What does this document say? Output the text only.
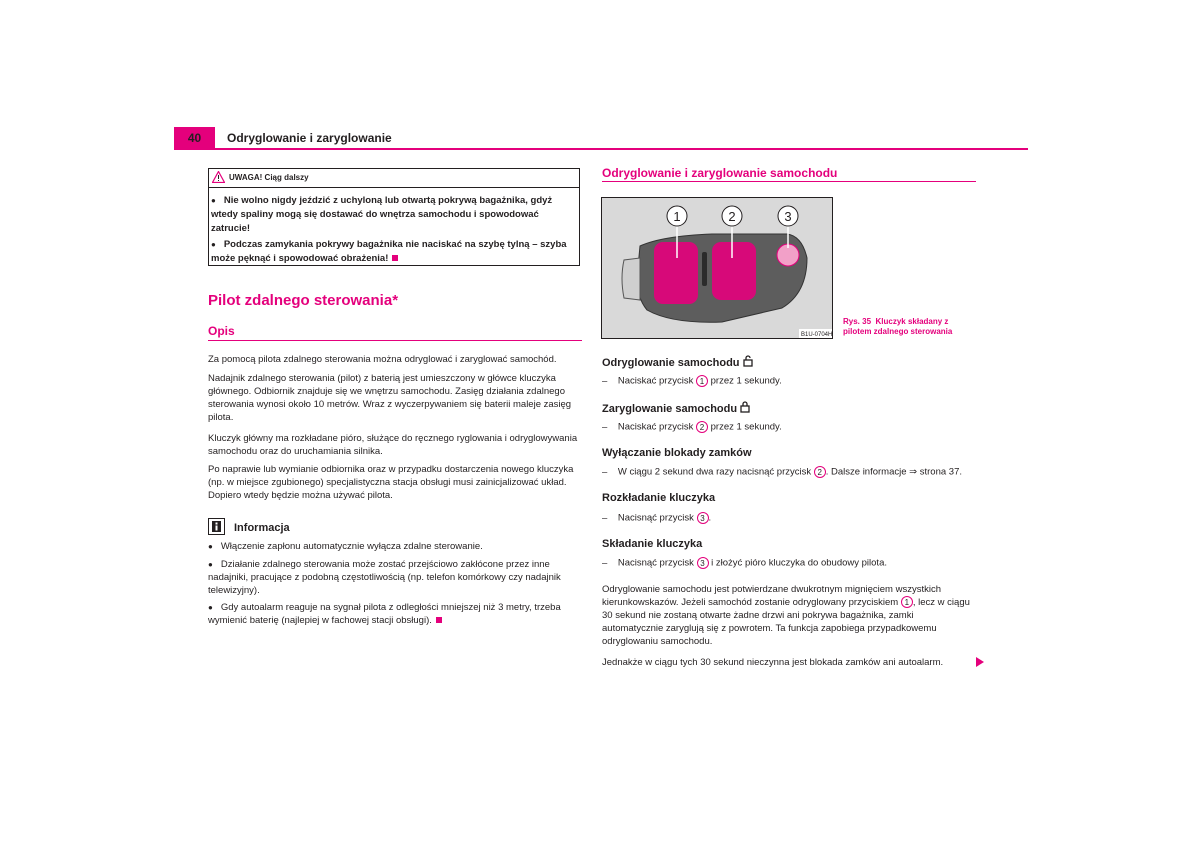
40	Odryglowanie i zaryglowanie
UWAGA! Ciąg dalszy
● Nie wolno nigdy jeździć z uchyloną lub otwartą pokrywą bagażnika, gdyż wtedy spaliny mogą się dostawać do wnętrza samochodu i spowodować zatrucie!
● Podczas zamykania pokrywy bagażnika nie naciskać na szybę tylną – szyba może pęknąć i spowodować obrażenia!
Pilot zdalnego sterowania*
Opis
Za pomocą pilota zdalnego sterowania można odryglować i zaryglować samochód.
Nadajnik zdalnego sterowania (pilot) z baterią jest umieszczony w główce kluczyka głównego. Odbiornik znajduje się we wnętrzu samochodu. Zasięg działania zdalnego sterowania wynosi około 10 metrów. Wraz z wyczerpywaniem się baterii maleje zasięg pilota.
Kluczyk główny ma rozkładane pióro, służące do ręcznego ryglowania i odryglowywania samochodu oraz do uruchamiania silnika.
Po naprawie lub wymianie odbiornika oraz w przypadku dostarczenia nowego kluczyka (np. w miejsce zgubionego) specjalistyczna stacja obsługi musi zainicjalizować układ. Dopiero wtedy będzie można używać pilota.
Informacja
● Włączenie zapłonu automatycznie wyłącza zdalne sterowanie.
● Działanie zdalnego sterowania może zostać przejściowo zakłócone przez inne nadajniki, pracujące z podobną częstotliwością (np. telefon komórkowy czy nadajnik telewizyjny).
● Gdy autoalarm reaguje na sygnał pilota z odległości mniejszej niż 3 metry, trzeba wymienić baterię (najlepiej w fachowej stacji obsługi).
Odryglowanie i zaryglowanie samochodu
1	2	3
B1U-0704H
Rys. 35 Kluczyk składany z pilotem zdalnego sterowania
Odryglowanie samochodu
–    Naciskać przycisk 1 przez 1 sekundy.
Zaryglowanie samochodu
–    Naciskać przycisk 2 przez 1 sekundy.
Wyłączanie blokady zamków
–    W ciągu 2 sekund dwa razy nacisnąć przycisk 2 . Dalsze informacje ⇒ strona 37.
Rozkładanie kluczyka
–    Nacisnąć przycisk 3 .
Składanie kluczyka
–    Nacisnąć przycisk 3 i złożyć pióro kluczyka do obudowy pilota.
Odryglowanie samochodu jest potwierdzane dwukrotnym mignięciem wszystkich kierunkowskazów. Jeżeli samochód zostanie odryglowany przyciskiem 1 , lecz w ciągu 30 sekund nie zostaną otwarte żadne drzwi ani pokrywa bagażnika, zamki automatycznie zaryglują się z powrotem. Ta funkcja zapobiega przypadkowemu odryglowaniu samochodu.
Jednakże w ciągu tych 30 sekund nieczynna jest blokada zamków ani autoalarm.
